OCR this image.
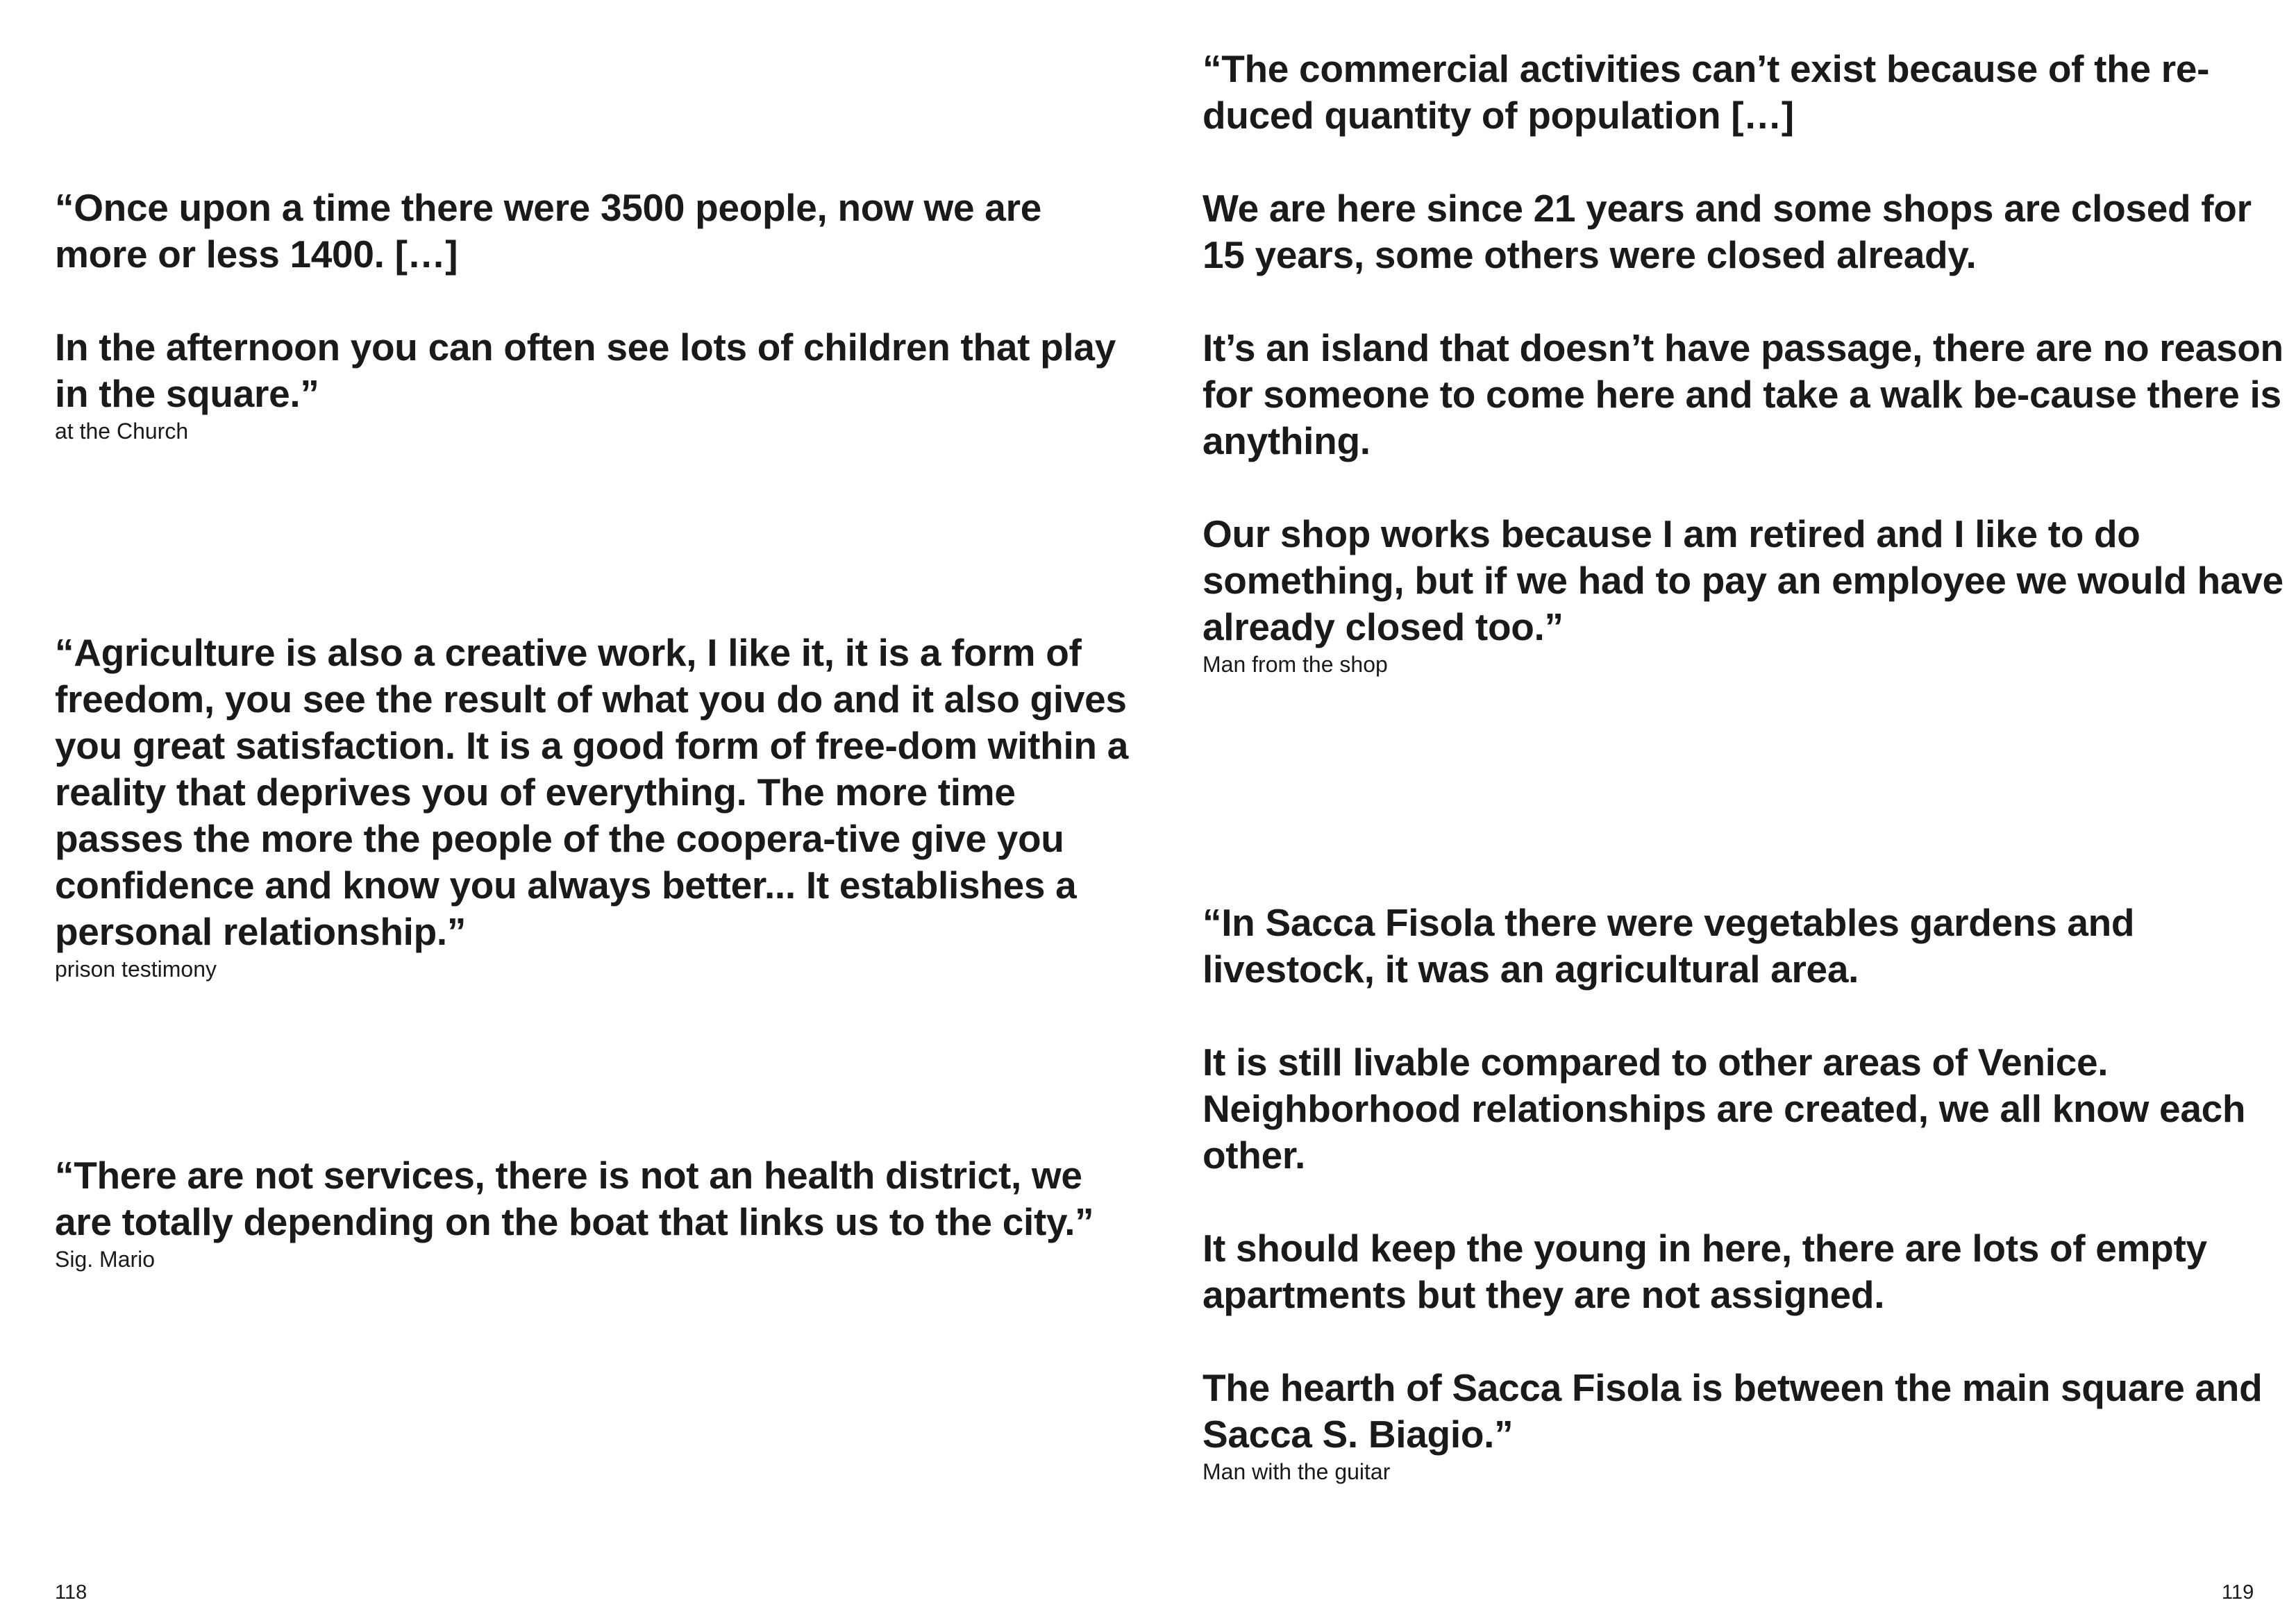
“Once upon a time there were 3500 people, now we are more or less 1400. […]

In the afternoon you can often see lots of children that play in the square.”

at the Church

“Agriculture is also a creative work, I like it, it is a form of freedom, you see the result of what you do and it also gives you great satisfaction. It is a good form of free-dom within a reality that deprives you of everything. The more time passes the more the people of the coopera-tive give you confidence and know you always better... It establishes a personal relationship.”

prison testimony

“There are not services, there is not an health district, we are totally depending on the boat that links us to the city.”

Sig. Mario

118

“The commercial activities can’t exist because of the re-duced quantity of population […]

We are here since 21 years and some shops are closed for 15 years, some others were closed already.

It’s an island that doesn’t have passage, there are no reason for someone to come here and take a walk be-cause there is anything.

Our shop works because I am retired and I like to do something, but if we had to pay an employee we would have already closed too.”

Man from the shop

“In Sacca Fisola there were vegetables gardens and livestock, it was an agricultural area.

It is still livable compared to other areas of Venice. Neighborhood relationships are created, we all know each other.

It should keep the young in here, there are lots of empty apartments but they are not assigned.

The hearth of Sacca Fisola is between the main square and Sacca S. Biagio.”

Man with the guitar

119
